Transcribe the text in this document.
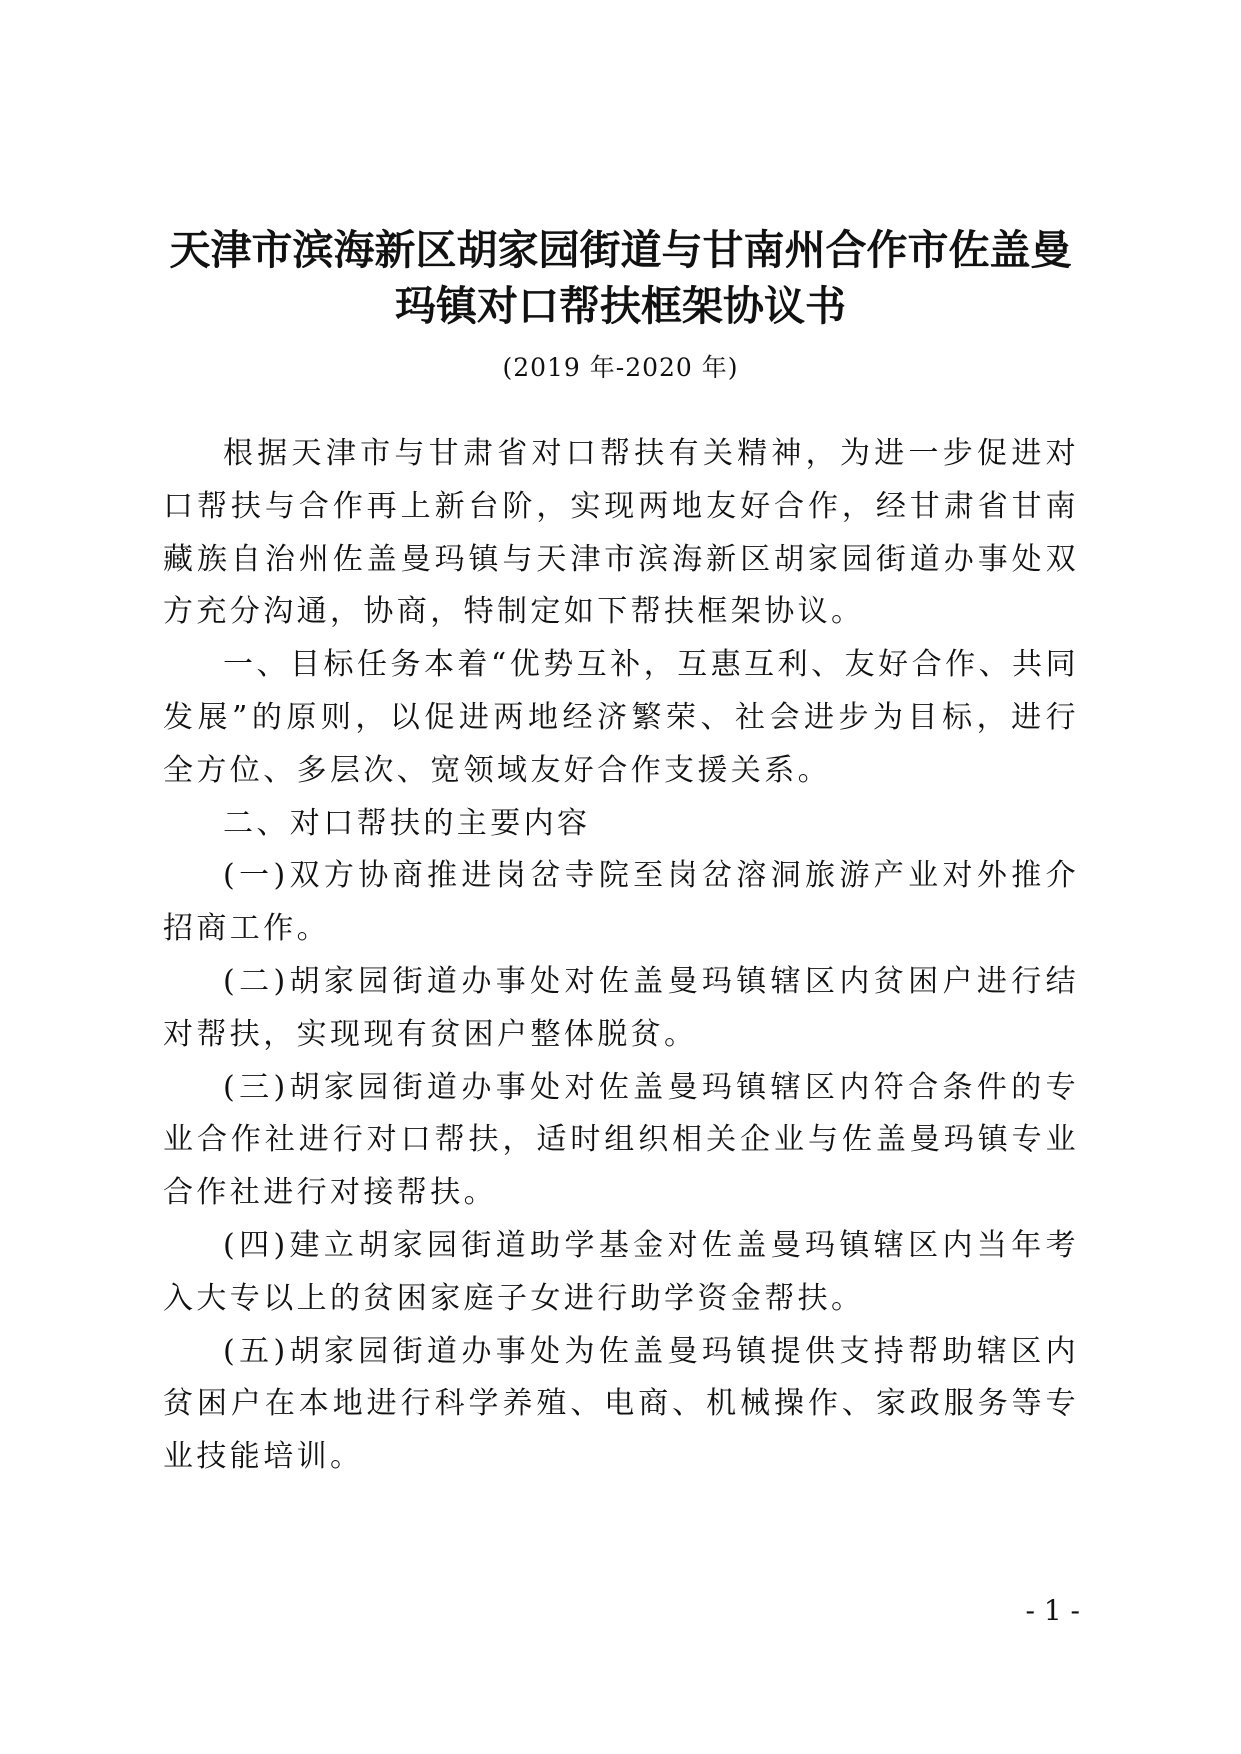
天津市滨海新区胡家园街道与甘南州合作市佐盖曼
玛镇对口帮扶框架协议书
(2019 年-2020 年)

根据天津市与甘肃省对口帮扶有关精神，为进一步促进对口帮扶与合作再上新台阶，实现两地友好合作，经甘肃省甘南藏族自治州佐盖曼玛镇与天津市滨海新区胡家园街道办事处双方充分沟通，协商，特制定如下帮扶框架协议。

一、目标任务本着“优势互补，互惠互利、友好合作、共同发展”的原则，以促进两地经济繁荣、社会进步为目标，进行全方位、多层次、宽领域友好合作支援关系。

二、对口帮扶的主要内容

(一)双方协商推进岗岔寺院至岗岔溶洞旅游产业对外推介招商工作。

(二)胡家园街道办事处对佐盖曼玛镇辖区内贫困户进行结对帮扶，实现现有贫困户整体脱贫。

(三)胡家园街道办事处对佐盖曼玛镇辖区内符合条件的专业合作社进行对口帮扶，适时组织相关企业与佐盖曼玛镇专业合作社进行对接帮扶。

(四)建立胡家园街道助学基金对佐盖曼玛镇辖区内当年考入大专以上的贫困家庭子女进行助学资金帮扶。

(五)胡家园街道办事处为佐盖曼玛镇提供支持帮助辖区内贫困户在本地进行科学养殖、电商、机械操作、家政服务等专业技能培训。

- 1 -
